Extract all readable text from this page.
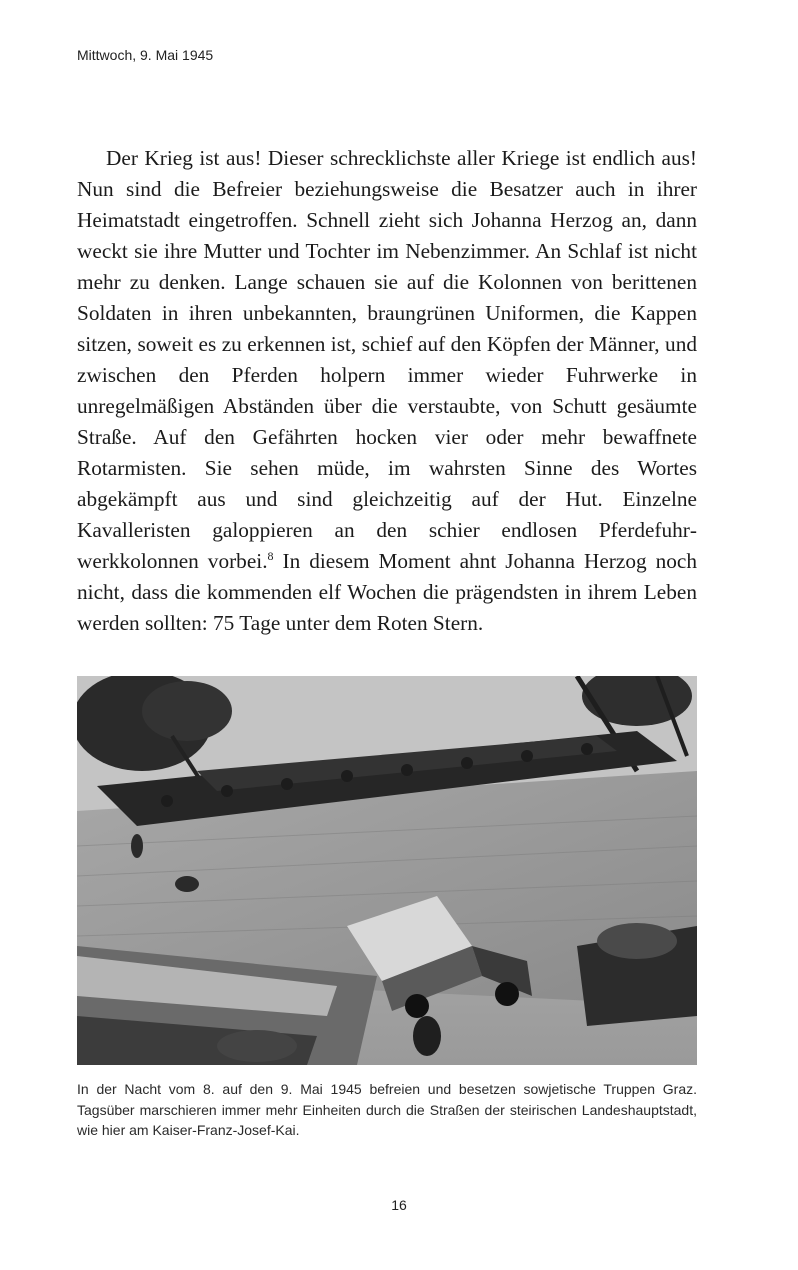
Mittwoch, 9. Mai 1945

Der Krieg ist aus! Dieser schrecklichste aller Kriege ist endlich aus! Nun sind die Befreier beziehungsweise die Besatzer auch in ihrer Heimatstadt eingetroffen. Schnell zieht sich Johanna Herzog an, dann weckt sie ihre Mutter und Tochter im Nebenzimmer. An Schlaf ist nicht mehr zu denken. Lange schauen sie auf die Kolonnen von berittenen Soldaten in ihren unbekannten, braungrünen Uniformen, die Kappen sitzen, soweit es zu erkennen ist, schief auf den Köpfen der Männer, und zwischen den Pferden holpern immer wieder Fuhrwerke in unregelmäßigen Abständen über die verstaubte, von Schutt gesäumte Straße. Auf den Gefährten hocken vier oder mehr bewaffnete Rotarmisten. Sie sehen müde, im wahrsten Sinne des Wortes abgekämpft aus und sind gleichzeitig auf der Hut. Einzelne Kavalleristen galoppieren an den schier endlosen Pferdefuhrwerkkolonnen vorbei.$^8$ In diesem Moment ahnt Johanna Herzog noch nicht, dass die kommenden elf Wochen die prägendsten in ihrem Leben werden sollten: 75 Tage unter dem Roten Stern.

In der Nacht vom 8. auf den 9. Mai 1945 befreien und besetzen sowjetische Truppen Graz. Tagsüber marschieren immer mehr Einheiten durch die Straßen der steirischen Landeshauptstadt, wie hier am Kaiser-Franz-Josef-Kai.

16
